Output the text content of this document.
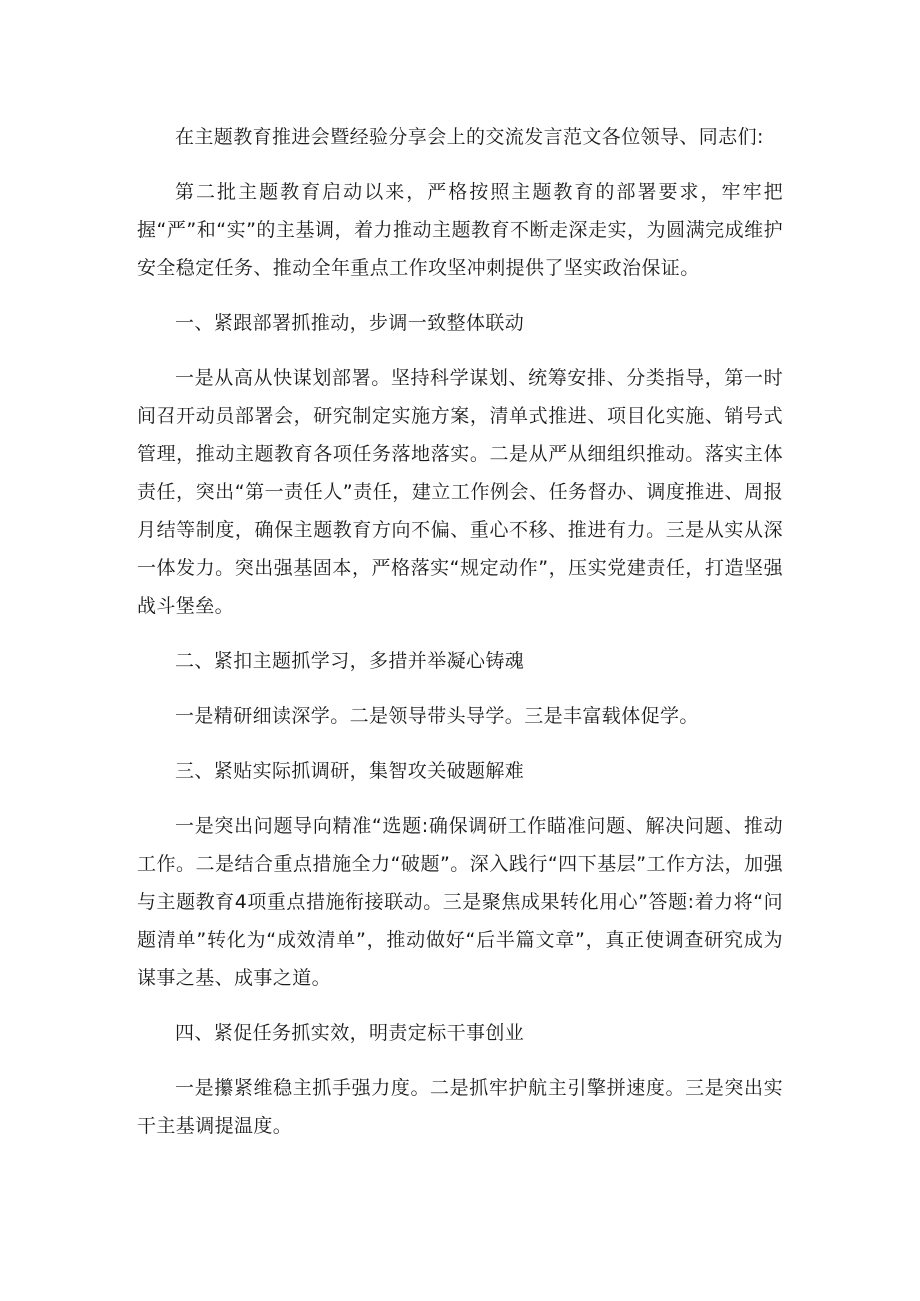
在主题教育推进会暨经验分享会上的交流发言范文各位领导、同志们:

第二批主题教育启动以来，严格按照主题教育的部署要求，牢牢把握“严”和“实”的主基调，着力推动主题教育不断走深走实，为圆满完成维护安全稳定任务、推动全年重点工作攻坚冲刺提供了坚实政治保证。

一、紧跟部署抓推动，步调一致整体联动

一是从高从快谋划部署。坚持科学谋划、统筹安排、分类指导，第一时间召开动员部署会，研究制定实施方案，清单式推进、项目化实施、销号式管理，推动主题教育各项任务落地落实。二是从严从细组织推动。落实主体责任，突出“第一责任人”责任，建立工作例会、任务督办、调度推进、周报月结等制度，确保主题教育方向不偏、重心不移、推进有力。三是从实从深一体发力。突出强基固本，严格落实“规定动作”，压实党建责任，打造坚强战斗堡垒。

二、紧扣主题抓学习，多措并举凝心铸魂

一是精研细读深学。二是领导带头导学。三是丰富载体促学。

三、紧贴实际抓调研，集智攻关破题解难

一是突出问题导向精准“选题:确保调研工作瞄准问题、解决问题、推动工作。二是结合重点措施全力“破题”。深入践行“四下基层”工作方法，加强与主题教育4项重点措施衔接联动。三是聚焦成果转化用心”答题:着力将“问题清单”转化为“成效清单”，推动做好“后半篇文章”，真正使调查研究成为谋事之基、成事之道。

四、紧促任务抓实效，明责定标干事创业

一是攥紧维稳主抓手强力度。二是抓牢护航主引擎拼速度。三是突出实干主基调提温度。
